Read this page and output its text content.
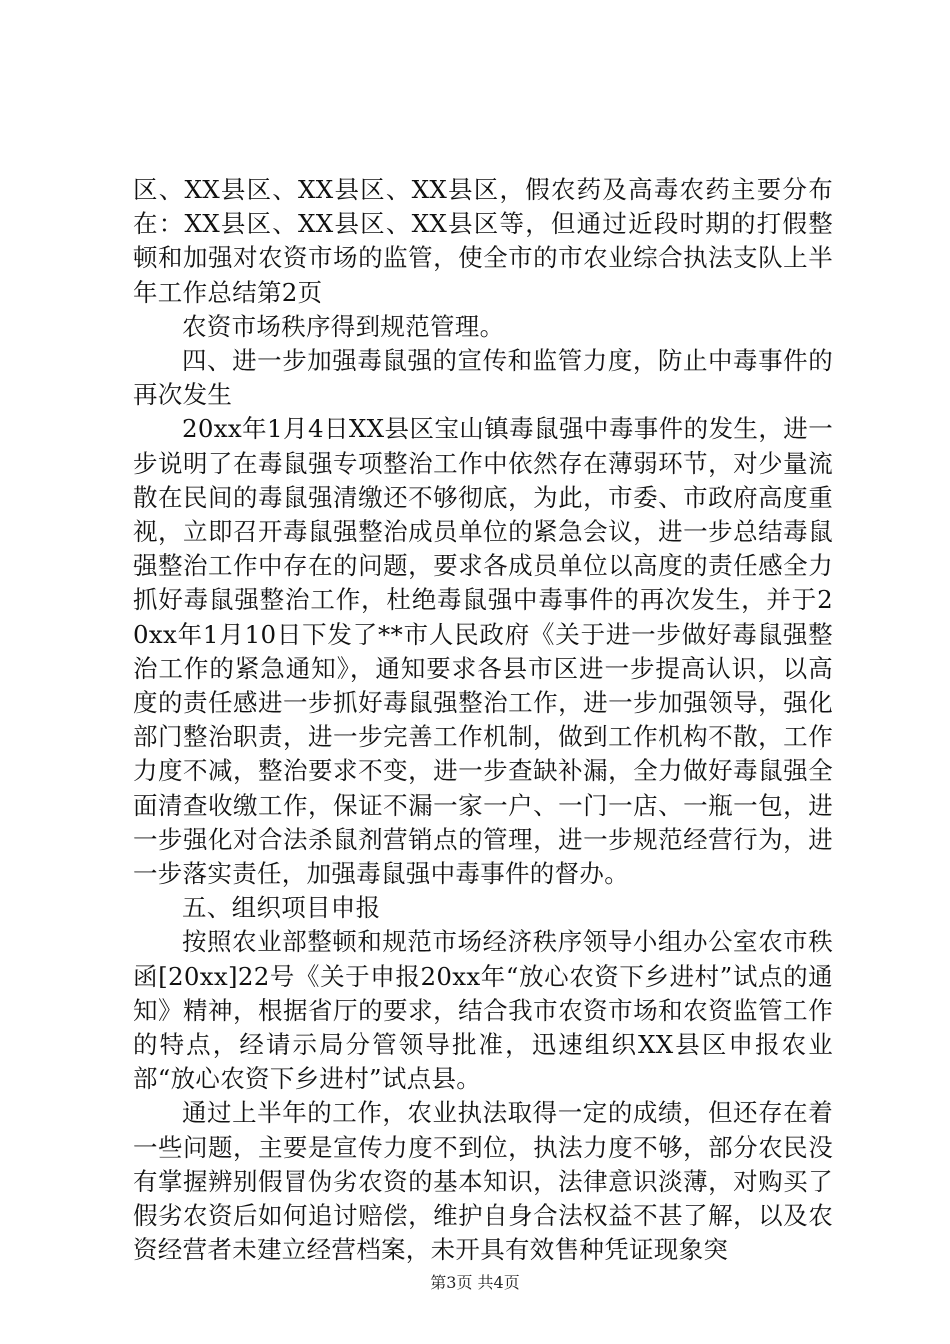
区、XX县区、XX县区、XX县区，假农药及高毒农药主要分布在：XX县区、XX县区、XX县区等，但通过近段时期的打假整顿和加强对农资市场的监管，使全市的市农业综合执法支队上半年工作总结第2页

农资市场秩序得到规范管理。

四、进一步加强毒鼠强的宣传和监管力度，防止中毒事件的再次发生

20xx年1月4日XX县区宝山镇毒鼠强中毒事件的发生，进一步说明了在毒鼠强专项整治工作中依然存在薄弱环节，对少量流散在民间的毒鼠强清缴还不够彻底，为此，市委、市政府高度重视，立即召开毒鼠强整治成员单位的紧急会议，进一步总结毒鼠强整治工作中存在的问题，要求各成员单位以高度的责任感全力抓好毒鼠强整治工作，杜绝毒鼠强中毒事件的再次发生，并于20xx年1月10日下发了**市人民政府《关于进一步做好毒鼠强整治工作的紧急通知》，通知要求各县市区进一步提高认识，以高度的责任感进一步抓好毒鼠强整治工作，进一步加强领导，强化部门整治职责，进一步完善工作机制，做到工作机构不散，工作力度不减，整治要求不变，进一步查缺补漏，全力做好毒鼠强全面清查收缴工作，保证不漏一家一户、一门一店、一瓶一包，进一步强化对合法杀鼠剂营销点的管理，进一步规范经营行为，进一步落实责任，加强毒鼠强中毒事件的督办。

五、组织项目申报

按照农业部整顿和规范市场经济秩序领导小组办公室农市秩函[20xx]22号《关于申报20xx年“放心农资下乡进村”试点的通知》精神，根据省厅的要求，结合我市农资市场和农资监管工作的特点，经请示局分管领导批准，迅速组织XX县区申报农业部“放心农资下乡进村”试点县。

通过上半年的工作，农业执法取得一定的成绩，但还存在着一些问题，主要是宣传力度不到位，执法力度不够，部分农民没有掌握辨别假冒伪劣农资的基本知识，法律意识淡薄，对购买了假劣农资后如何追讨赔偿，维护自身合法权益不甚了解，以及农资经营者未建立经营档案，未开具有效售种凭证现象突

第3页 共4页
